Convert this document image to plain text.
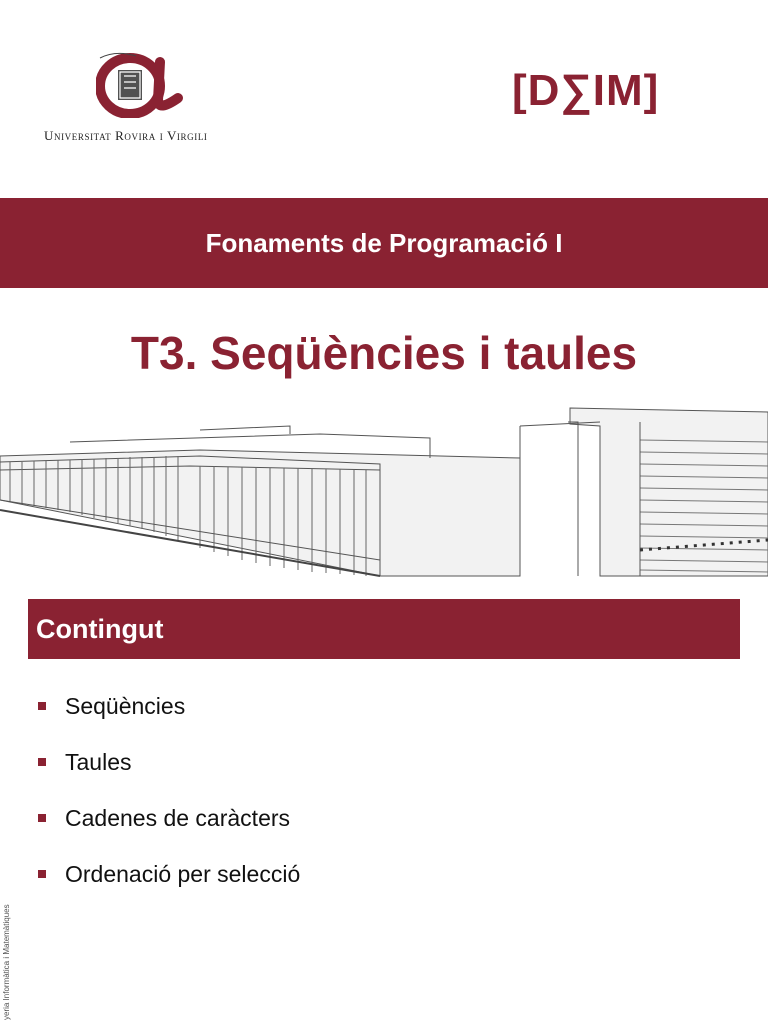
Universitat Rovira i Virgili
[D∑IM]
Fonaments de Programació I
T3. Seqüències i taules
Contingut
Seqüències
Taules
Cadenes de caràcters
Ordenació per selecció
yeria Informàtica i Matemàtiques
